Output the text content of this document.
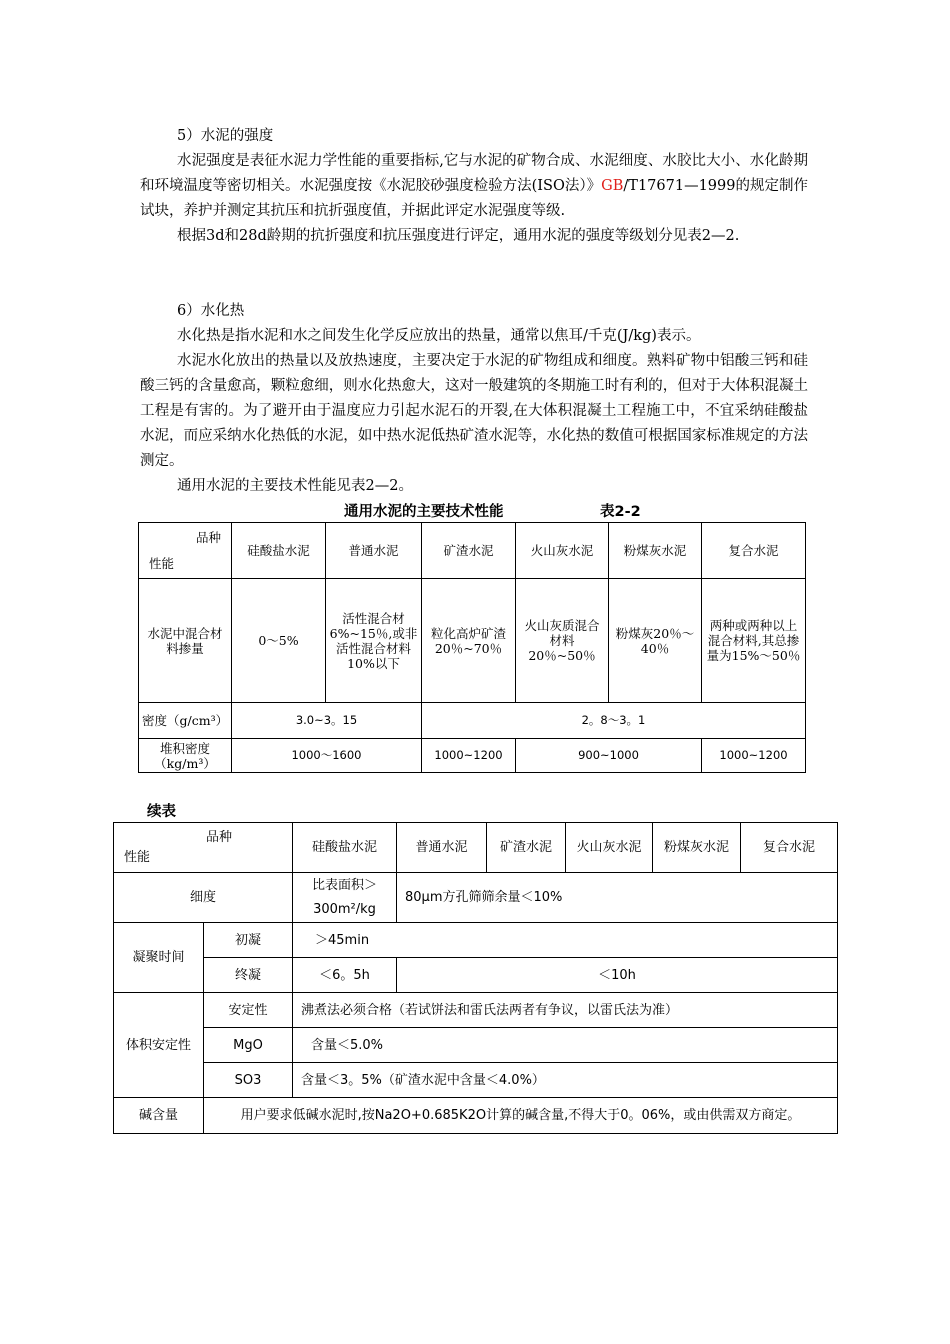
5）水泥的强度

水泥强度是表征水泥力学性能的重要指标,它与水泥的矿物合成、水泥细度、水胶比大小、水化龄期和环境温度等密切相关。水泥强度按《水泥胶砂强度检验方法(ISO法）》GB/T17671—1999的规定制作试块，养护并测定其抗压和抗折强度值，并据此评定水泥强度等级.

根据3d和28d龄期的抗折强度和抗压强度进行评定，通用水泥的强度等级划分见表2—2.

6）水化热

水化热是指水泥和水之间发生化学反应放出的热量，通常以焦耳/千克(J/kg)表示。

水泥水化放出的热量以及放热速度，主要决定于水泥的矿物组成和细度。熟料矿物中铝酸三钙和硅酸三钙的含量愈高，颗粒愈细，则水化热愈大，这对一般建筑的冬期施工时有利的，但对于大体积混凝土工程是有害的。为了避开由于温度应力引起水泥石的开裂,在大体积混凝土工程施工中，不宜采纳硅酸盐水泥，而应采纳水化热低的水泥，如中热水泥低热矿渣水泥等，水化热的数值可根据国家标准规定的方法测定。

通用水泥的主要技术性能见表2—2。

通用水泥的主要技术性能	表2-2
品种
性能	硅酸盐水泥	普通水泥	矿渣水泥	火山灰水泥	粉煤灰水泥	复合水泥
水泥中混合材料掺量	0～5%	活性混合材6%~15％,或非活性混合材料10%以下	粒化高炉矿渣20％~70％	火山灰质混合材料20％~50％	粉煤灰20％～40％	两种或两种以上混合材料,其总掺量为15%～50％
密度（g/cm³）	3.0~3。15		2。8～3。1			
堆积密度（kg/m³）	1000～1600		1000~1200	900~1000		1000~1200
续表
品种
性能		硅酸盐水泥	普通水泥	矿渣水泥	火山灰水泥	粉煤灰水泥	复合水泥
细度		比表面积＞300m²/kg	80μm方孔筛筛余量＜10%				
凝聚时间	初凝	＞45min					
	终凝	＜6。5h	＜10h				
体积安定性	安定性	沸煮法必须合格（若试饼法和雷氏法两者有争议，以雷氏法为准）					
	MgO	含量＜5.0%					
	SO3	含量＜3。5%（矿渣水泥中含量＜4.0%）					
碱含量	用户要求低碱水泥时,按Na2O+0.685K2O计算的碱含量,不得大于0。06%，或由供需双方商定。						
